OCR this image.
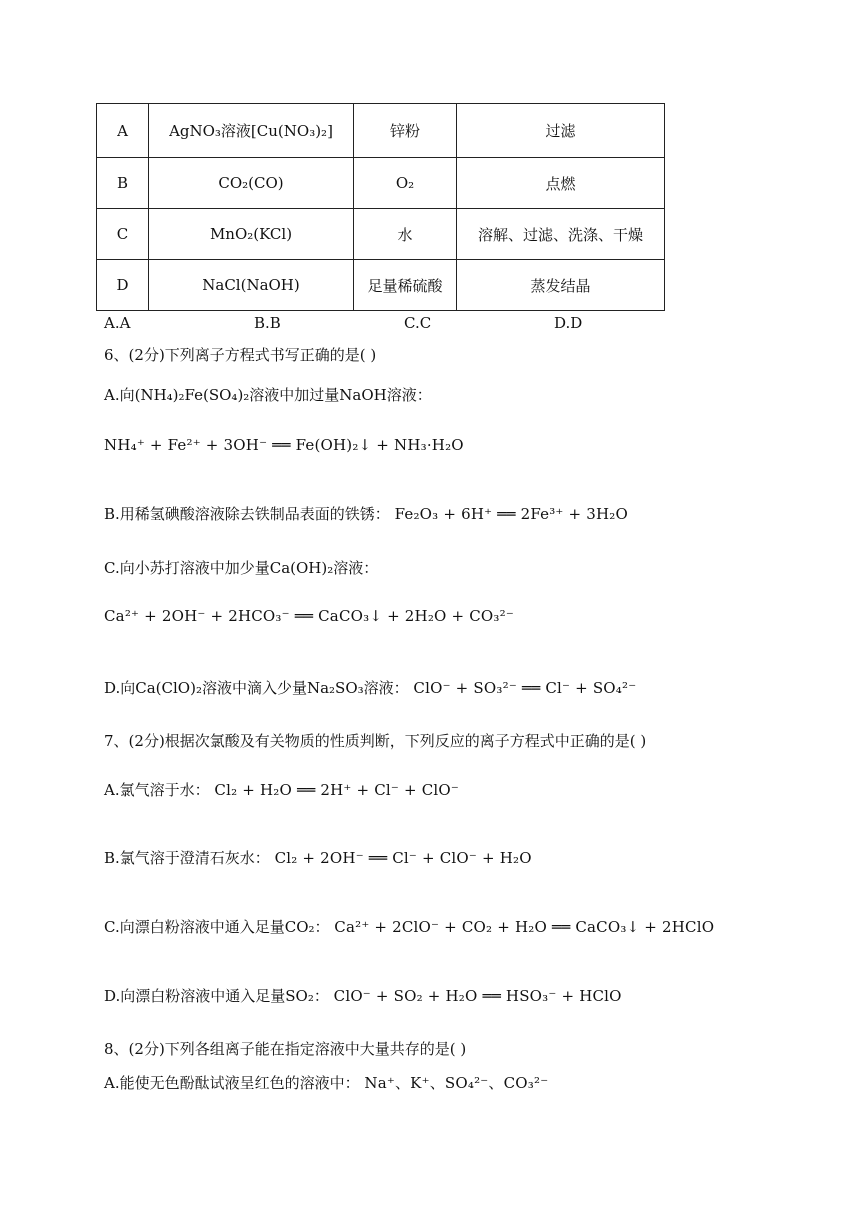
A	AgNO₃溶液[Cu(NO₃)₂]	锌粉	过滤
B	CO₂(CO)	O₂	点燃
C	MnO₂(KCl)	水	溶解、过滤、洗涤、干燥
D	NaCl(NaOH)	足量稀硫酸	蒸发结晶
A.A	B.B	C.C	D.D
6、(2分)下列离子方程式书写正确的是( )
A.向(NH₄)₂Fe(SO₄)₂溶液中加过量NaOH溶液：
NH₄⁺ + Fe²⁺ + 3OH⁻ ══ Fe(OH)₂↓ + NH₃·H₂O
B.用稀氢碘酸溶液除去铁制品表面的铁锈： Fe₂O₃ + 6H⁺ ══ 2Fe³⁺ + 3H₂O
C.向小苏打溶液中加少量Ca(OH)₂溶液：
Ca²⁺ + 2OH⁻ + 2HCO₃⁻ ══ CaCO₃↓ + 2H₂O + CO₃²⁻
D.向Ca(ClO)₂溶液中滴入少量Na₂SO₃溶液： ClO⁻ + SO₃²⁻ ══ Cl⁻ + SO₄²⁻
7、(2分)根据次氯酸及有关物质的性质判断，下列反应的离子方程式中正确的是( )
A.氯气溶于水： Cl₂ + H₂O ══ 2H⁺ + Cl⁻ + ClO⁻
B.氯气溶于澄清石灰水： Cl₂ + 2OH⁻ ══ Cl⁻ + ClO⁻ + H₂O
C.向漂白粉溶液中通入足量CO₂： Ca²⁺ + 2ClO⁻ + CO₂ + H₂O ══ CaCO₃↓ + 2HClO
D.向漂白粉溶液中通入足量SO₂： ClO⁻ + SO₂ + H₂O ══ HSO₃⁻ + HClO
8、(2分)下列各组离子能在指定溶液中大量共存的是( )
A.能使无色酚酞试液呈红色的溶液中： Na⁺、K⁺、SO₄²⁻、CO₃²⁻
